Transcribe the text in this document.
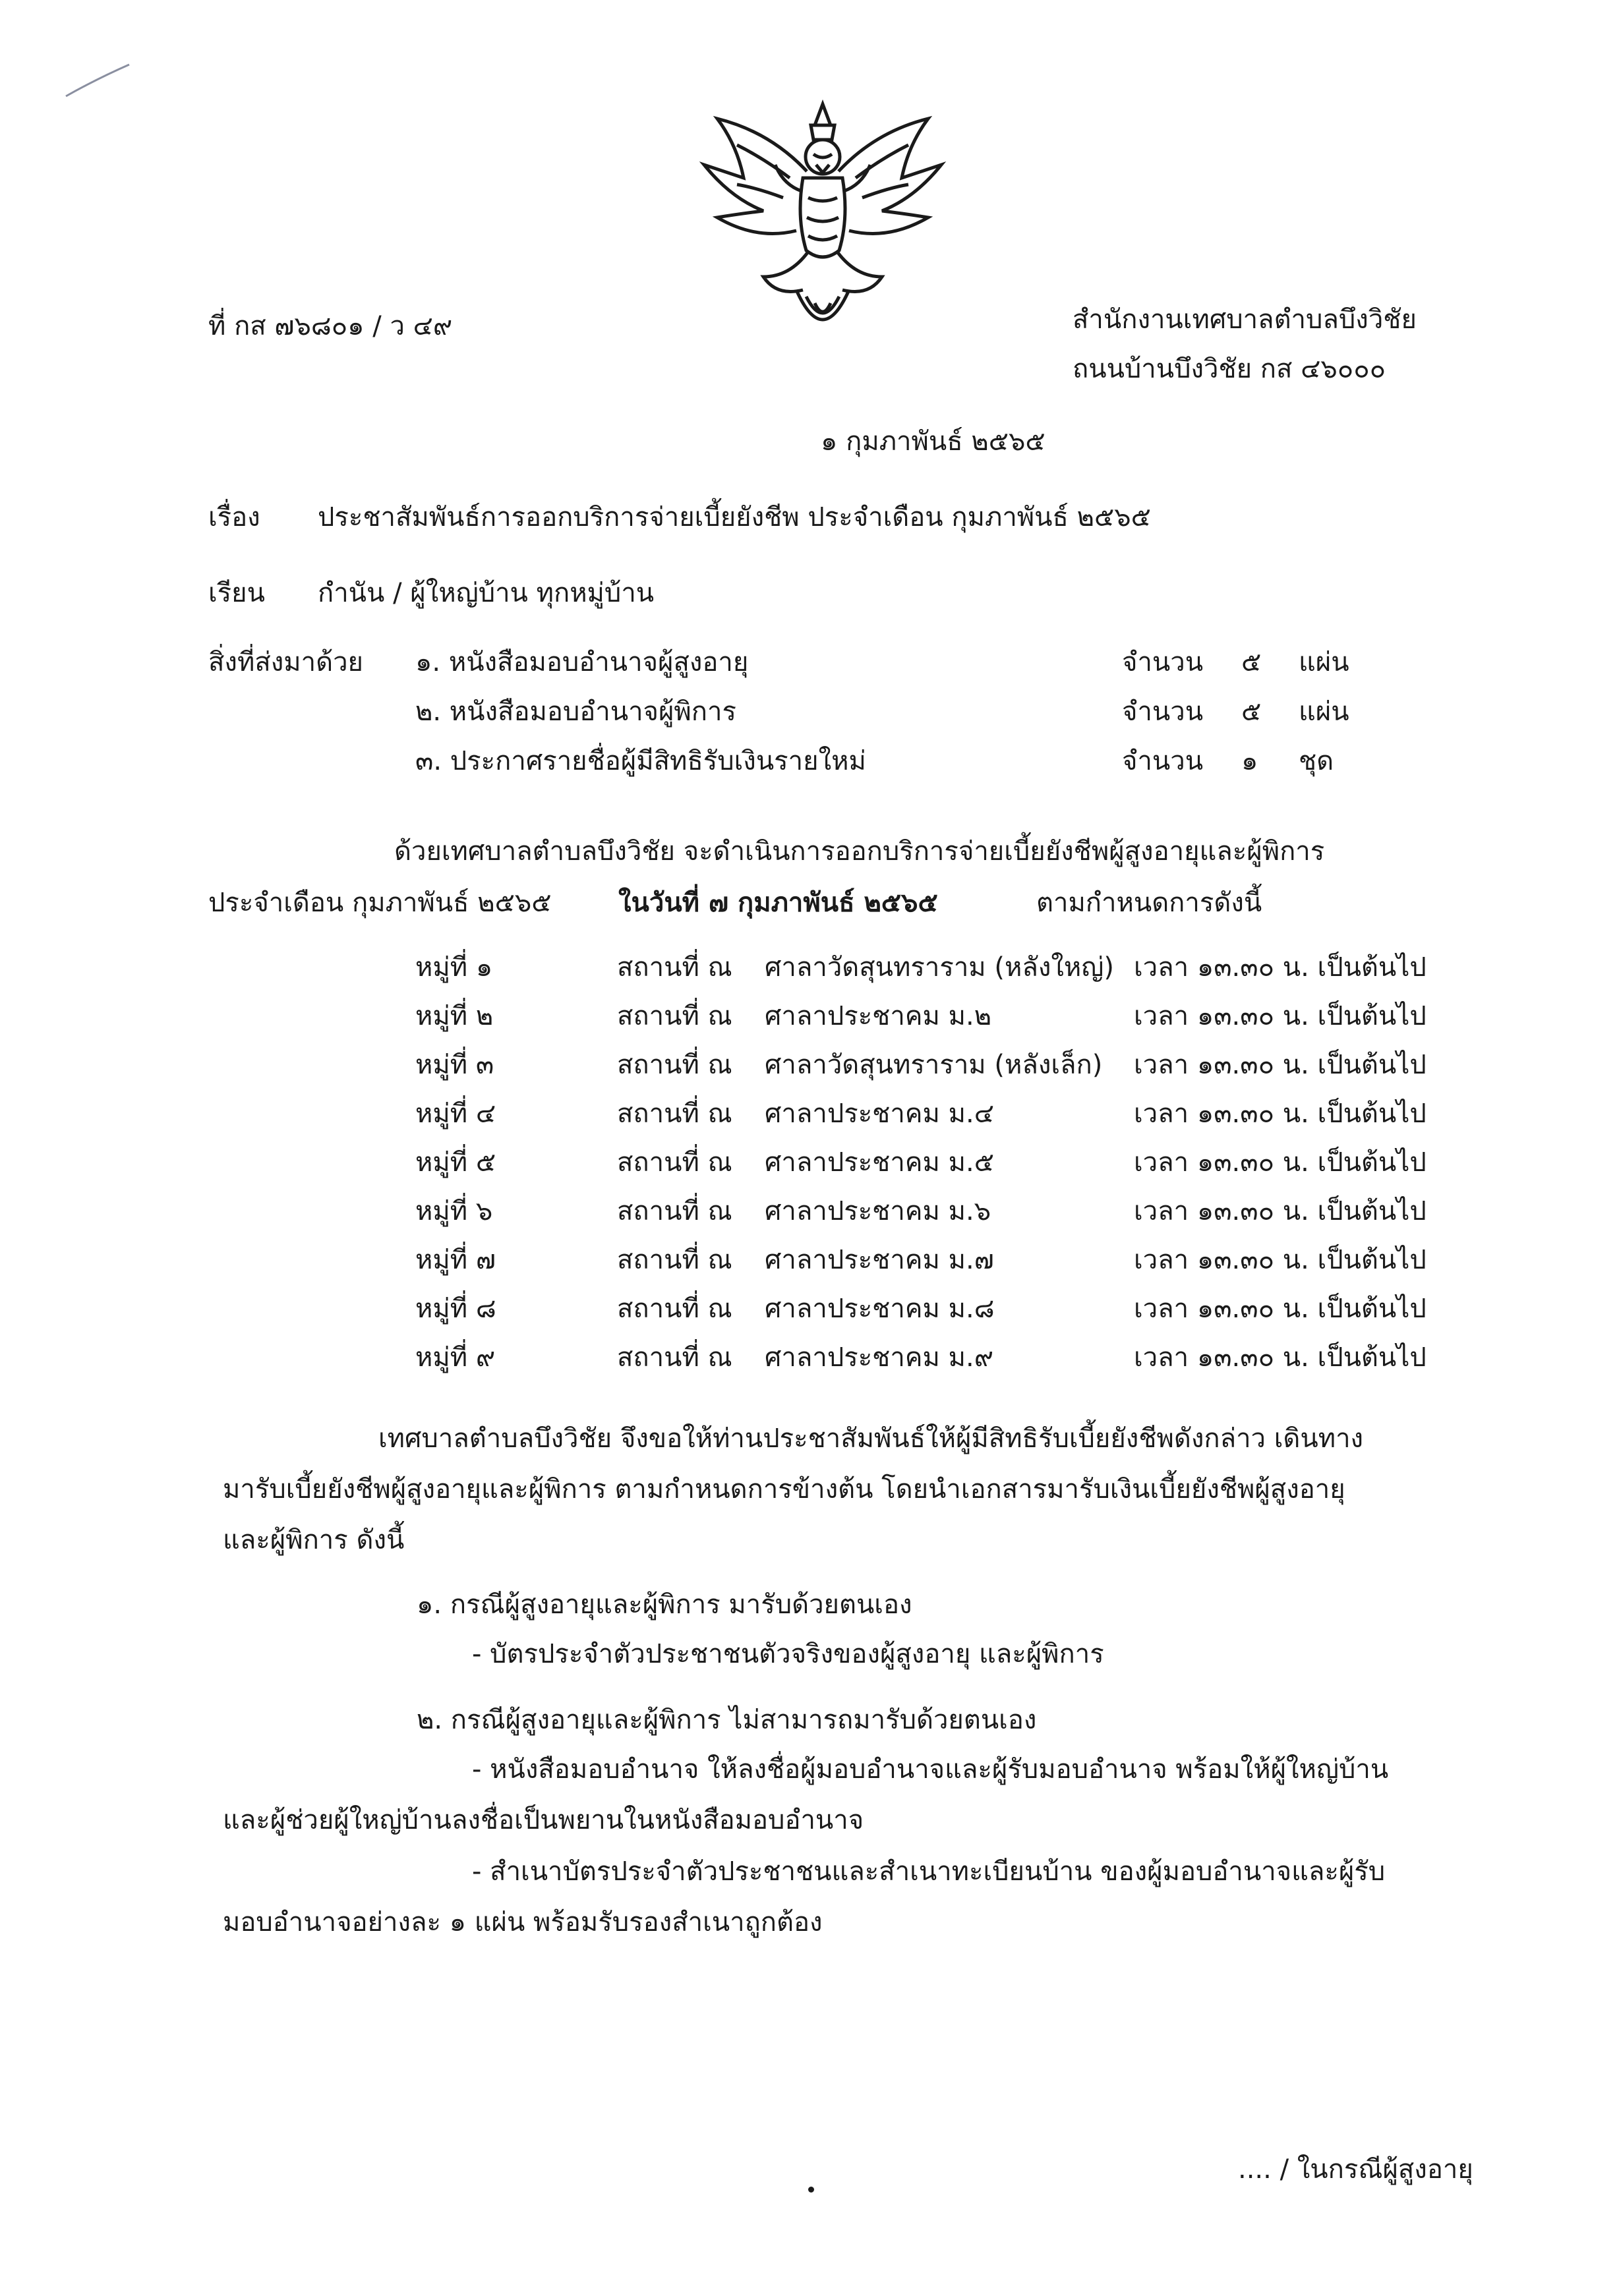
ที่ กส ๗๖๘๐๑ / ว ๔๙	สำนักงานเทศบาลตำบลบึงวิชัย
ถนนบ้านบึงวิชัย กส ๔๖๐๐๐
๑ กุมภาพันธ์ ๒๕๖๕
เรื่อง ประชาสัมพันธ์การออกบริการจ่ายเบี้ยยังชีพ ประจำเดือน กุมภาพันธ์ ๒๕๖๕
เรียน กำนัน / ผู้ใหญ่บ้าน ทุกหมู่บ้าน
สิ่งที่ส่งมาด้วย ๑. หนังสือมอบอำนาจผู้สูงอายุ	จำนวน ๕ แผ่น
๒. หนังสือมอบอำนาจผู้พิการ	จำนวน ๕ แผ่น
๓. ประกาศรายชื่อผู้มีสิทธิรับเงินรายใหม่	จำนวน ๑ ชุด
ด้วยเทศบาลตำบลบึงวิชัย จะดำเนินการออกบริการจ่ายเบี้ยยังชีพผู้สูงอายุและผู้พิการ
ประจำเดือน กุมภาพันธ์ ๒๕๖๕	ในวันที่ ๗ กุมภาพันธ์ ๒๕๖๕	ตามกำหนดการดังนี้
หมู่ที่ ๑	สถานที่ ณ ศาลาวัดสุนทราราม (หลังใหญ่) เวลา ๑๓.๓๐ น. เป็นต้นไป
หมู่ที่ ๒	สถานที่ ณ ศาลาประชาคม ม.๒	เวลา ๑๓.๓๐ น. เป็นต้นไป
หมู่ที่ ๓	สถานที่ ณ ศาลาวัดสุนทราราม (หลังเล็ก) เวลา ๑๓.๓๐ น. เป็นต้นไป
หมู่ที่ ๔	สถานที่ ณ ศาลาประชาคม ม.๔	เวลา ๑๓.๓๐ น. เป็นต้นไป
หมู่ที่ ๕	สถานที่ ณ ศาลาประชาคม ม.๕	เวลา ๑๓.๓๐ น. เป็นต้นไป
หมู่ที่ ๖	สถานที่ ณ ศาลาประชาคม ม.๖	เวลา ๑๓.๓๐ น. เป็นต้นไป
หมู่ที่ ๗	สถานที่ ณ ศาลาประชาคม ม.๗	เวลา ๑๓.๓๐ น. เป็นต้นไป
หมู่ที่ ๘	สถานที่ ณ ศาลาประชาคม ม.๘	เวลา ๑๓.๓๐ น. เป็นต้นไป
หมู่ที่ ๙	สถานที่ ณ ศาลาประชาคม ม.๙	เวลา ๑๓.๓๐ น. เป็นต้นไป
เทศบาลตำบลบึงวิชัย จึงขอให้ท่านประชาสัมพันธ์ให้ผู้มีสิทธิรับเบี้ยยังชีพดังกล่าว เดินทาง
มารับเบี้ยยังชีพผู้สูงอายุและผู้พิการ ตามกำหนดการข้างต้น โดยนำเอกสารมารับเงินเบี้ยยังชีพผู้สูงอายุ
และผู้พิการ ดังนี้
๑. กรณีผู้สูงอายุและผู้พิการ มารับด้วยตนเอง
- บัตรประจำตัวประชาชนตัวจริงของผู้สูงอายุ และผู้พิการ
๒. กรณีผู้สูงอายุและผู้พิการ ไม่สามารถมารับด้วยตนเอง
- หนังสือมอบอำนาจ ให้ลงชื่อผู้มอบอำนาจและผู้รับมอบอำนาจ พร้อมให้ผู้ใหญ่บ้าน
และผู้ช่วยผู้ใหญ่บ้านลงชื่อเป็นพยานในหนังสือมอบอำนาจ
- สำเนาบัตรประจำตัวประชาชนและสำเนาทะเบียนบ้าน ของผู้มอบอำนาจและผู้รับ
มอบอำนาจอย่างละ ๑ แผ่น พร้อมรับรองสำเนาถูกต้อง
.... / ในกรณีผู้สูงอายุ
